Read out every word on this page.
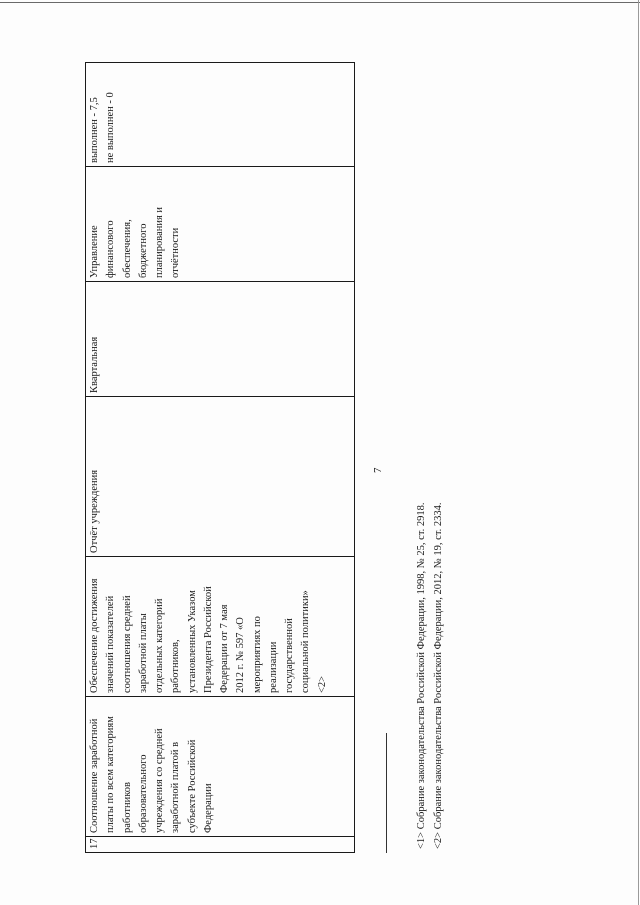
17	Соотношение заработной
платы по всем категориям
работников
образовательного
учреждения со средней
заработной платой в
субъекте Российской
Федерации	Обеспечение достижения
значений показателей
соотношения средней
заработной платы
отдельных категорий
работников,
установленных Указом
Президента Российской
Федерации от 7 мая
2012 г. № 597 «О
мероприятиях по
реализации
государственной
социальной политики»
<2>	Отчёт учреждения	Квартальная	Управление
финансового
обеспечения,
бюджетного
планирования и
отчётности	выполнен - 7,5
не выполнен - 0
7
<1> Собрание законодательства Российской Федерации, 1998, № 25, ст. 2918. <2> Собрание законодательства Российской Федерации, 2012, № 19, ст. 2334.
